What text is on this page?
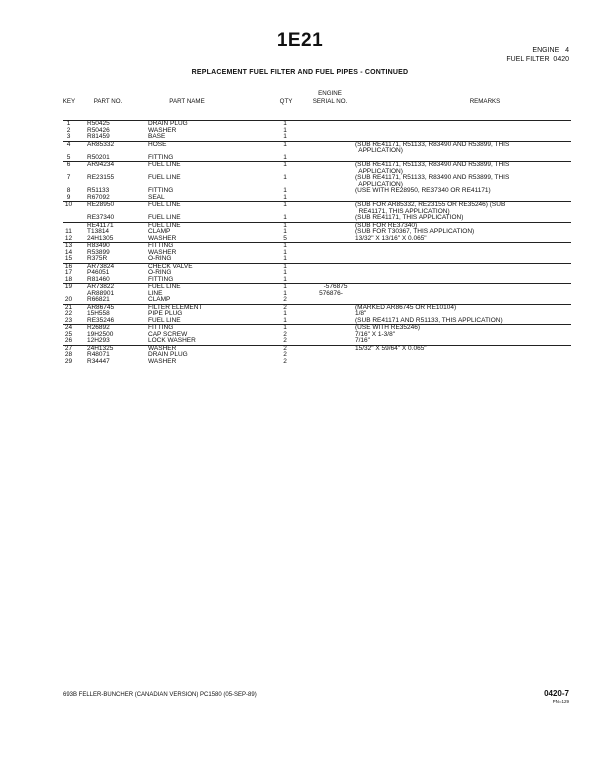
1E21	ENGINE 4
FUEL FILTER 0420
REPLACEMENT FUEL FILTER AND FUEL PIPES - CONTINUED
KEY	PART NO.	PART NAME	QTY
ENGINE
SERIAL NO.	REMARKS
1	R50425	DRAIN PLUG	1
2	R50426	WASHER	1
3	R81459	BASE	1
4	AR85332	HOSE	1	(SUB RE41171, R51133, R83490 AND R53899, THIS
APPLICATION)
5	R50201	FITTING	1
6	AR94234	FUEL LINE	1	(SUB RE41171, R51133, R83490 AND R53899, THIS
APPLICATION)
7	RE23155	FUEL LINE	1	(SUB RE41171, R51133, R83490 AND R53899, THIS
APPLICATION)
8	R51133	FITTING	1	(USE WITH RE28950, RE37340 OR RE41171)
9	R67092	SEAL	1
10 RE28950	FUEL LINE	1	(SUB FOR AR85332, RE23155 OR RE35246) (SUB
RE41171, THIS APPLICATION)
RE37340	FUEL LINE	1	(SUB RE41171, THIS APPLICATION)
RE41171	FUEL LINE	1	(SUB FOR RE37340)
11	T13814	CLAMP	1	(SUB FOR T30367, THIS APPLICATION)
12 24H1305	WASHER	5	13/32" X 13/16" X 0.065"
13 R83490	FITTING	1
14 R53899	WASHER	1
15 R375R	O-RING	1
16 AR73824	CHECK VALVE	1
17 P46051	O-RING	1
18 R81460	FITTING	1
19 AR73822	FUEL LINE	1	-576875
AR88901	LINE	1	576876-
20 R66821	CLAMP	2
21 AR86745	FILTER ELEMENT	2	(MARKED AR86745 OR RE10104)
22 15H558	PIPE PLUG	1	1/8"
23 RE35246	FUEL LINE	1	(SUB RE41171 AND R51133, THIS APPLICATION)
24 R26892	FITTING	1	(USE WITH RE35246)
25 19H2500	CAP SCREW	2	7/16" X 1-3/8"
26 12H293	LOCK WASHER	2	7/16"
27 24H1325	WASHER	2	15/32" X 59/64" X 0.065"
28 R48071	DRAIN PLUG	2
29 R34447	WASHER	2
693B FELLER-BUNCHER (CANADIAN VERSION) PC1580 (05-SEP-89)	0420-7
PN=129
